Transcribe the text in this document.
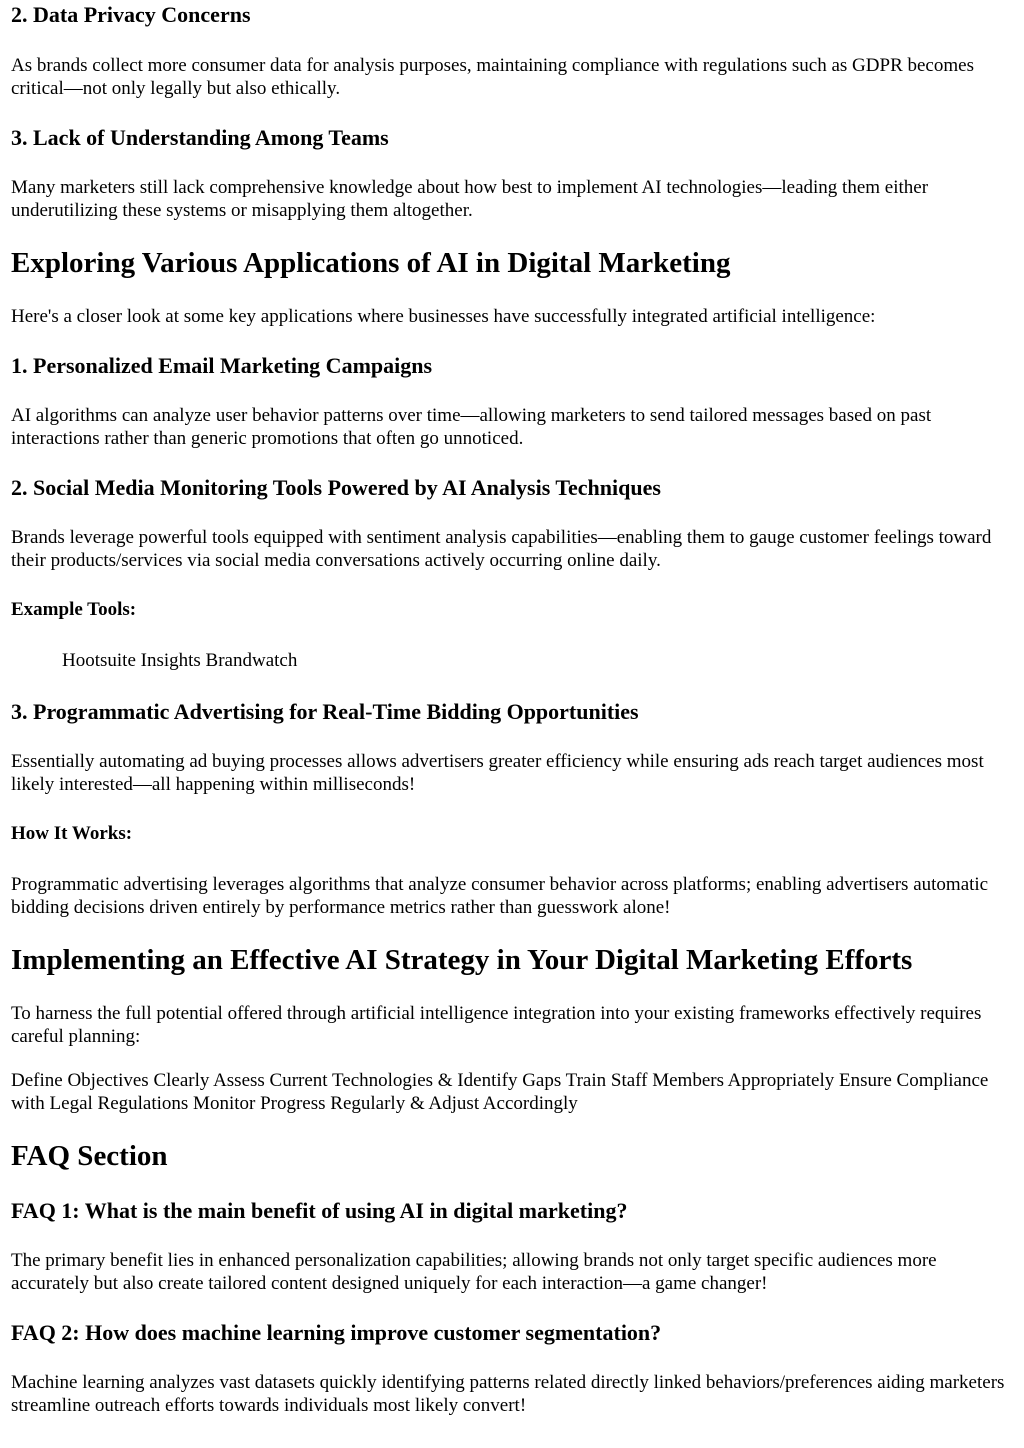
2. Data Privacy Concerns

As brands collect more consumer data for analysis purposes, maintaining compliance with regulations such as GDPR becomes critical—not only legally but also ethically.

3. Lack of Understanding Among Teams

Many marketers still lack comprehensive knowledge about how best to implement AI technologies—leading them either underutilizing these systems or misapplying them altogether.

Exploring Various Applications of AI in Digital Marketing

Here's a closer look at some key applications where businesses have successfully integrated artificial intelligence:

1. Personalized Email Marketing Campaigns

AI algorithms can analyze user behavior patterns over time—allowing marketers to send tailored messages based on past interactions rather than generic promotions that often go unnoticed.

2. Social Media Monitoring Tools Powered by AI Analysis Techniques

Brands leverage powerful tools equipped with sentiment analysis capabilities—enabling them to gauge customer feelings toward their products/services via social media conversations actively occurring online daily.

Example Tools:
Hootsuite Insights Brandwatch
3. Programmatic Advertising for Real-Time Bidding Opportunities

Essentially automating ad buying processes allows advertisers greater efficiency while ensuring ads reach target audiences most likely interested—all happening within milliseconds!

How It Works:

Programmatic advertising leverages algorithms that analyze consumer behavior across platforms; enabling advertisers automatic bidding decisions driven entirely by performance metrics rather than guesswork alone!

Implementing an Effective AI Strategy in Your Digital Marketing Efforts

To harness the full potential offered through artificial intelligence integration into your existing frameworks effectively requires careful planning:

Define Objectives Clearly Assess Current Technologies & Identify Gaps Train Staff Members Appropriately Ensure Compliance with Legal Regulations Monitor Progress Regularly & Adjust Accordingly

FAQ Section
FAQ 1: What is the main benefit of using AI in digital marketing?

The primary benefit lies in enhanced personalization capabilities; allowing brands not only target specific audiences more accurately but also create tailored content designed uniquely for each interaction—a game changer!

FAQ 2: How does machine learning improve customer segmentation?

Machine learning analyzes vast datasets quickly identifying patterns related directly linked behaviors/preferences aiding marketers streamline outreach efforts towards individuals most likely convert!
